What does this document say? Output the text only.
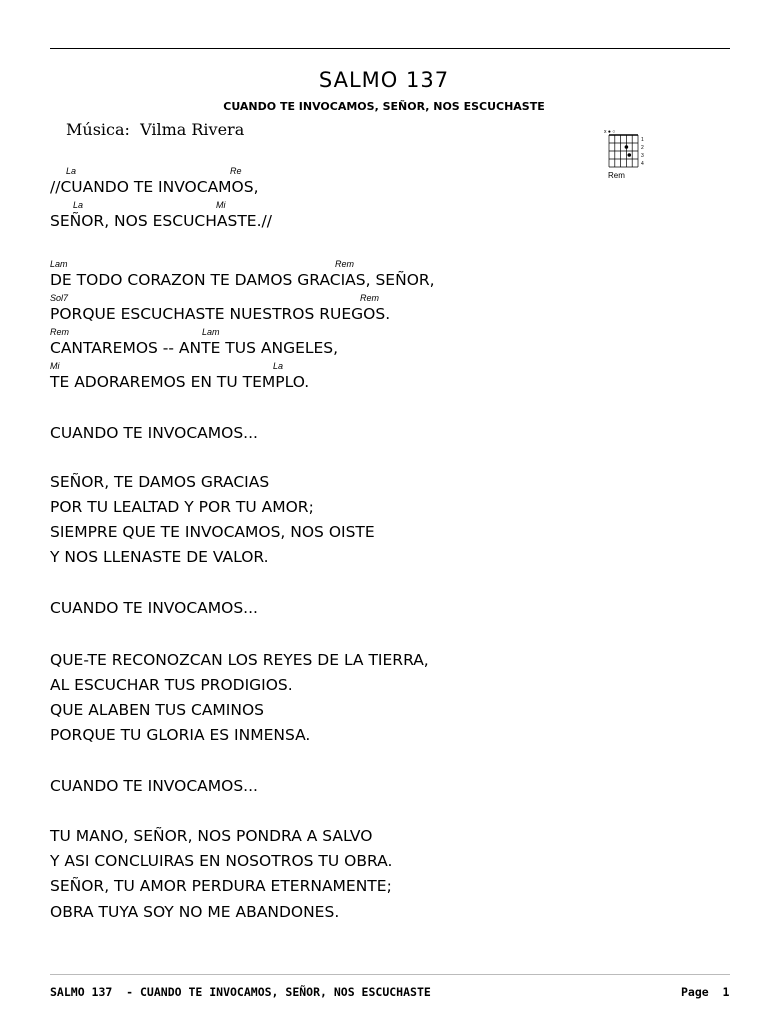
SALMO 137
CUANDO TE INVOCAMOS, SEÑOR, NOS ESCUCHASTE
Música: Vilma Rivera	x ● ○
1
2
3
4
Rem
La	Re
La	Mi
Lam	Rem
Sol7	Rem
Rem	Lam
Mi	La
//CUANDO TE INVOCAMOS,
SEÑOR, NOS ESCUCHASTE.//
DE TODO CORAZON TE DAMOS GRACIAS, SEÑOR,
PORQUE ESCUCHASTE NUESTROS RUEGOS.
CANTAREMOS -- ANTE TUS ANGELES,
TE ADORAREMOS EN TU TEMPLO.
CUANDO TE INVOCAMOS...
SEÑOR, TE DAMOS GRACIAS
POR TU LEALTAD Y POR TU AMOR;
SIEMPRE QUE TE INVOCAMOS, NOS OISTE
Y NOS LLENASTE DE VALOR.
CUANDO TE INVOCAMOS...
QUE-TE RECONOZCAN LOS REYES DE LA TIERRA,
AL ESCUCHAR TUS PRODIGIOS.
QUE ALABEN TUS CAMINOS
PORQUE TU GLORIA ES INMENSA.
CUANDO TE INVOCAMOS...
TU MANO, SEÑOR, NOS PONDRA A SALVO
Y ASI CONCLUIRAS EN NOSOTROS TU OBRA.
SEÑOR, TU AMOR PERDURA ETERNAMENTE;
OBRA TUYA SOY NO ME ABANDONES.
SALMO 137  - CUANDO TE INVOCAMOS, SEÑOR, NOS ESCUCHASTE	Page  1
